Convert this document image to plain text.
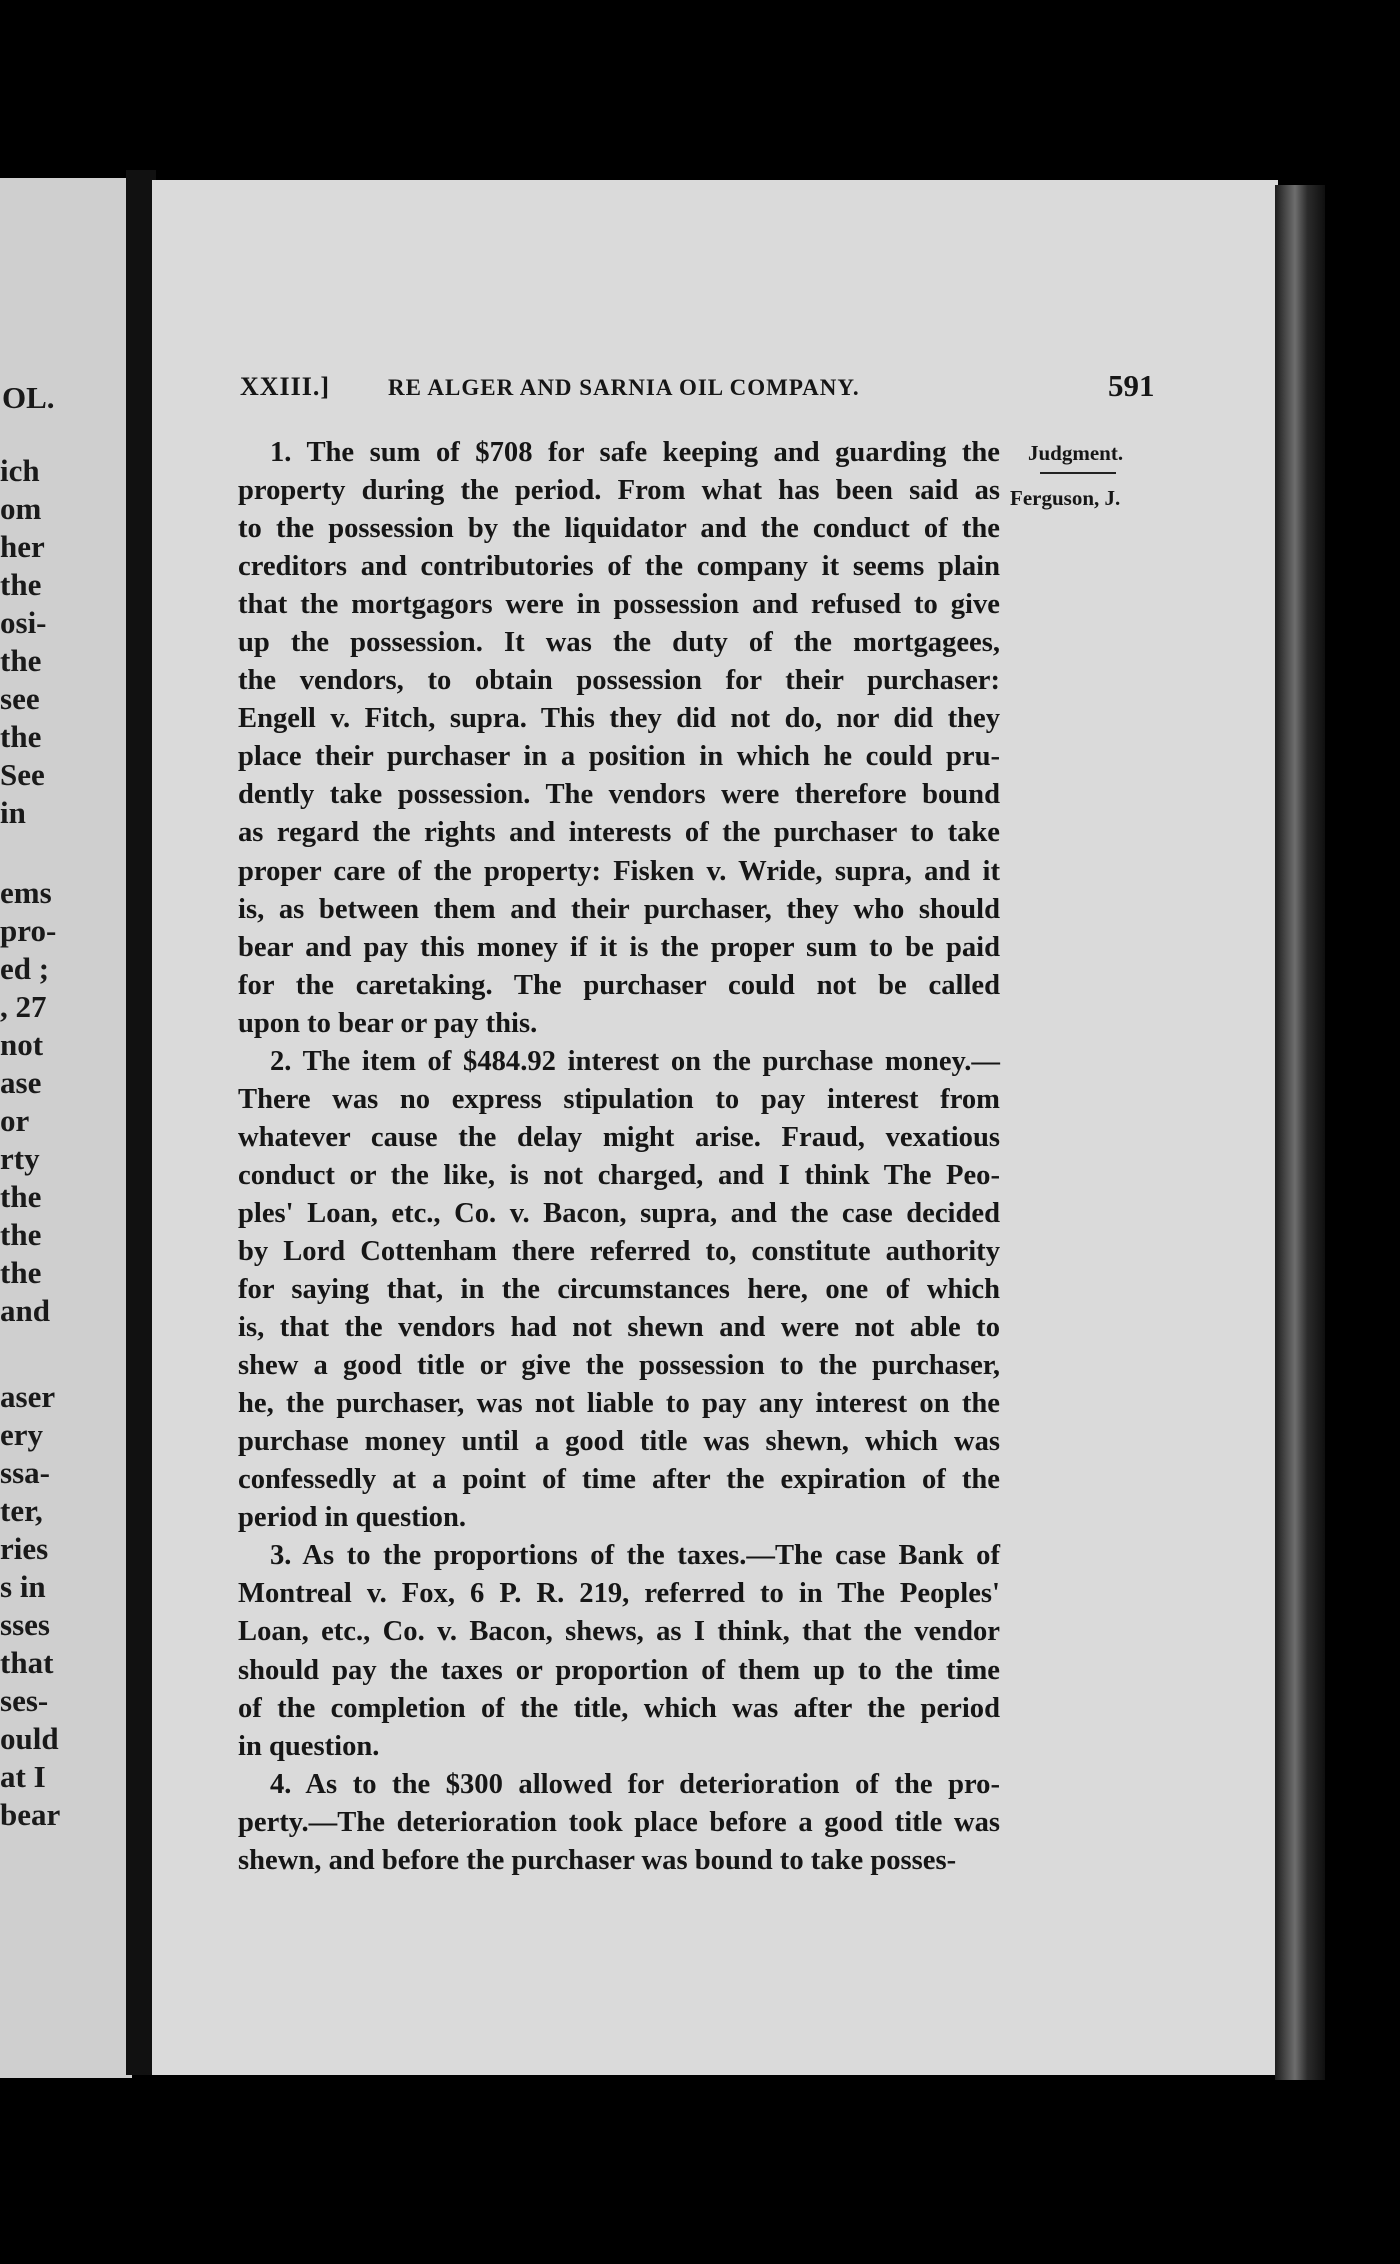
OL.
ich
om
her
the
osi-
the
see
the
See
in
ems
pro-
ed ;
, 27
not
ase
or
rty
the
the
the
and
aser
ery
ssa-
ter,
ries
s in
sses
that
ses-
ould
at I
bear
XXIII.]	RE ALGER AND SARNIA OIL COMPANY.	591
Judgment.
Ferguson, J.
1. The sum of $708 for safe keeping and guarding the
property during the period. From what has been said as
to the possession by the liquidator and the conduct of the
creditors and contributories of the company it seems plain
that the mortgagors were in possession and refused to give
up the possession. It was the duty of the mortgagees,
the vendors, to obtain possession for their purchaser:
Engell v. Fitch, supra. This they did not do, nor did they
place their purchaser in a position in which he could pru-
dently take possession. The vendors were therefore bound
as regard the rights and interests of the purchaser to take
proper care of the property: Fisken v. Wride, supra, and it
is, as between them and their purchaser, they who should
bear and pay this money if it is the proper sum to be paid
for the caretaking. The purchaser could not be called
upon to bear or pay this.
2. The item of $484.92 interest on the purchase money.—
There was no express stipulation to pay interest from
whatever cause the delay might arise. Fraud, vexatious
conduct or the like, is not charged, and I think The Peo-
ples' Loan, etc., Co. v. Bacon, supra, and the case decided
by Lord Cottenham there referred to, constitute authority
for saying that, in the circumstances here, one of which
is, that the vendors had not shewn and were not able to
shew a good title or give the possession to the purchaser,
he, the purchaser, was not liable to pay any interest on the
purchase money until a good title was shewn, which was
confessedly at a point of time after the expiration of the
period in question.
3. As to the proportions of the taxes.—The case Bank of
Montreal v. Fox, 6 P. R. 219, referred to in The Peoples'
Loan, etc., Co. v. Bacon, shews, as I think, that the vendor
should pay the taxes or proportion of them up to the time
of the completion of the title, which was after the period
in question.
4. As to the $300 allowed for deterioration of the pro-
perty.—The deterioration took place before a good title was
shewn, and before the purchaser was bound to take posses-
